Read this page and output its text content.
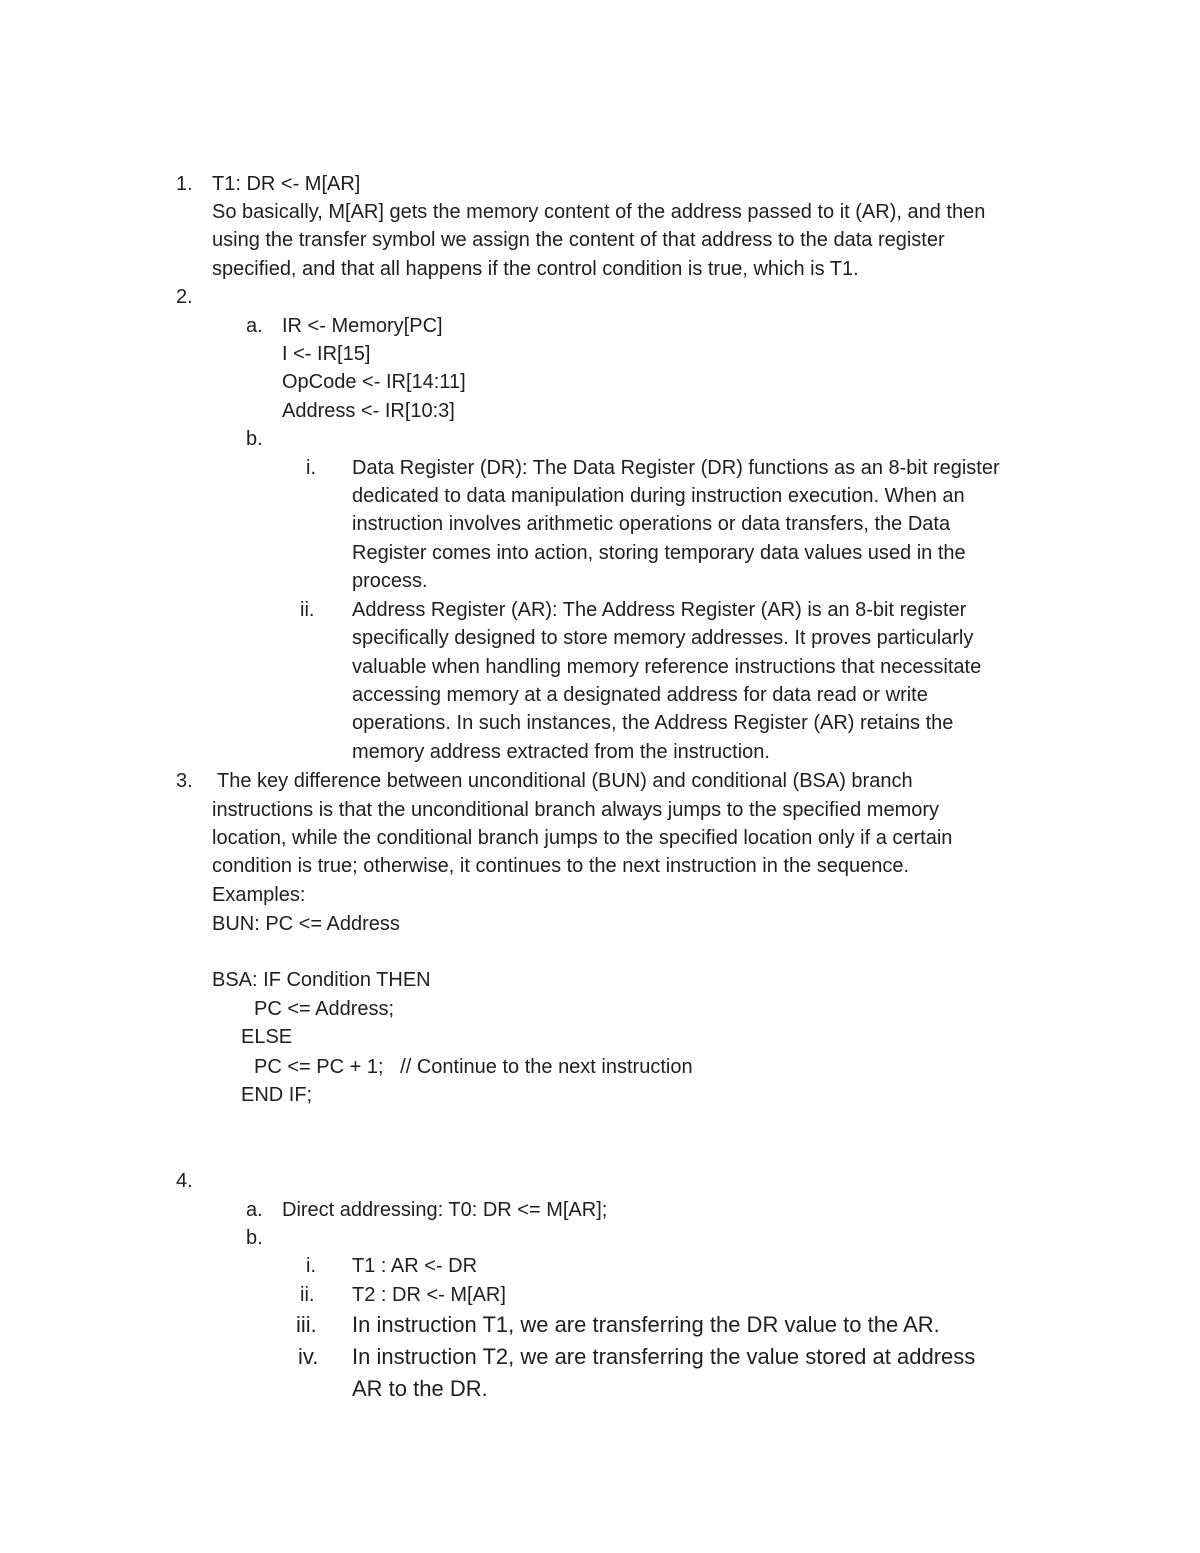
1. T1: DR <- M[AR]

So basically, M[AR] gets the memory content of the address passed to it (AR), and then

using the transfer symbol we assign the content of that address to the data register

specified, and that all happens if the control condition is true, which is T1.

2.

a. IR <- Memory[PC]

I <- IR[15]

OpCode <- IR[14:11]

Address <- IR[10:3]

b.

i. Data Register (DR): The Data Register (DR) functions as an 8-bit register

dedicated to data manipulation during instruction execution. When an

instruction involves arithmetic operations or data transfers, the Data

Register comes into action, storing temporary data values used in the

process.

ii. Address Register (AR): The Address Register (AR) is an 8-bit register

specifically designed to store memory addresses. It proves particularly

valuable when handling memory reference instructions that necessitate

accessing memory at a designated address for data read or write

operations. In such instances, the Address Register (AR) retains the

memory address extracted from the instruction.

3. The key difference between unconditional (BUN) and conditional (BSA) branch

instructions is that the unconditional branch always jumps to the specified memory

location, while the conditional branch jumps to the specified location only if a certain

condition is true; otherwise, it continues to the next instruction in the sequence.

Examples:

BUN: PC <= Address

BSA: IF Condition THEN

PC <= Address;

ELSE

PC <= PC + 1;   // Continue to the next instruction

END IF;

4.

a. Direct addressing: T0: DR <= M[AR];

b.

i. T1 : AR <- DR

ii. T2 : DR <- M[AR]

iii. In instruction T1, we are transferring the DR value to the AR.

iv. In instruction T2, we are transferring the value stored at address

AR to the DR.
